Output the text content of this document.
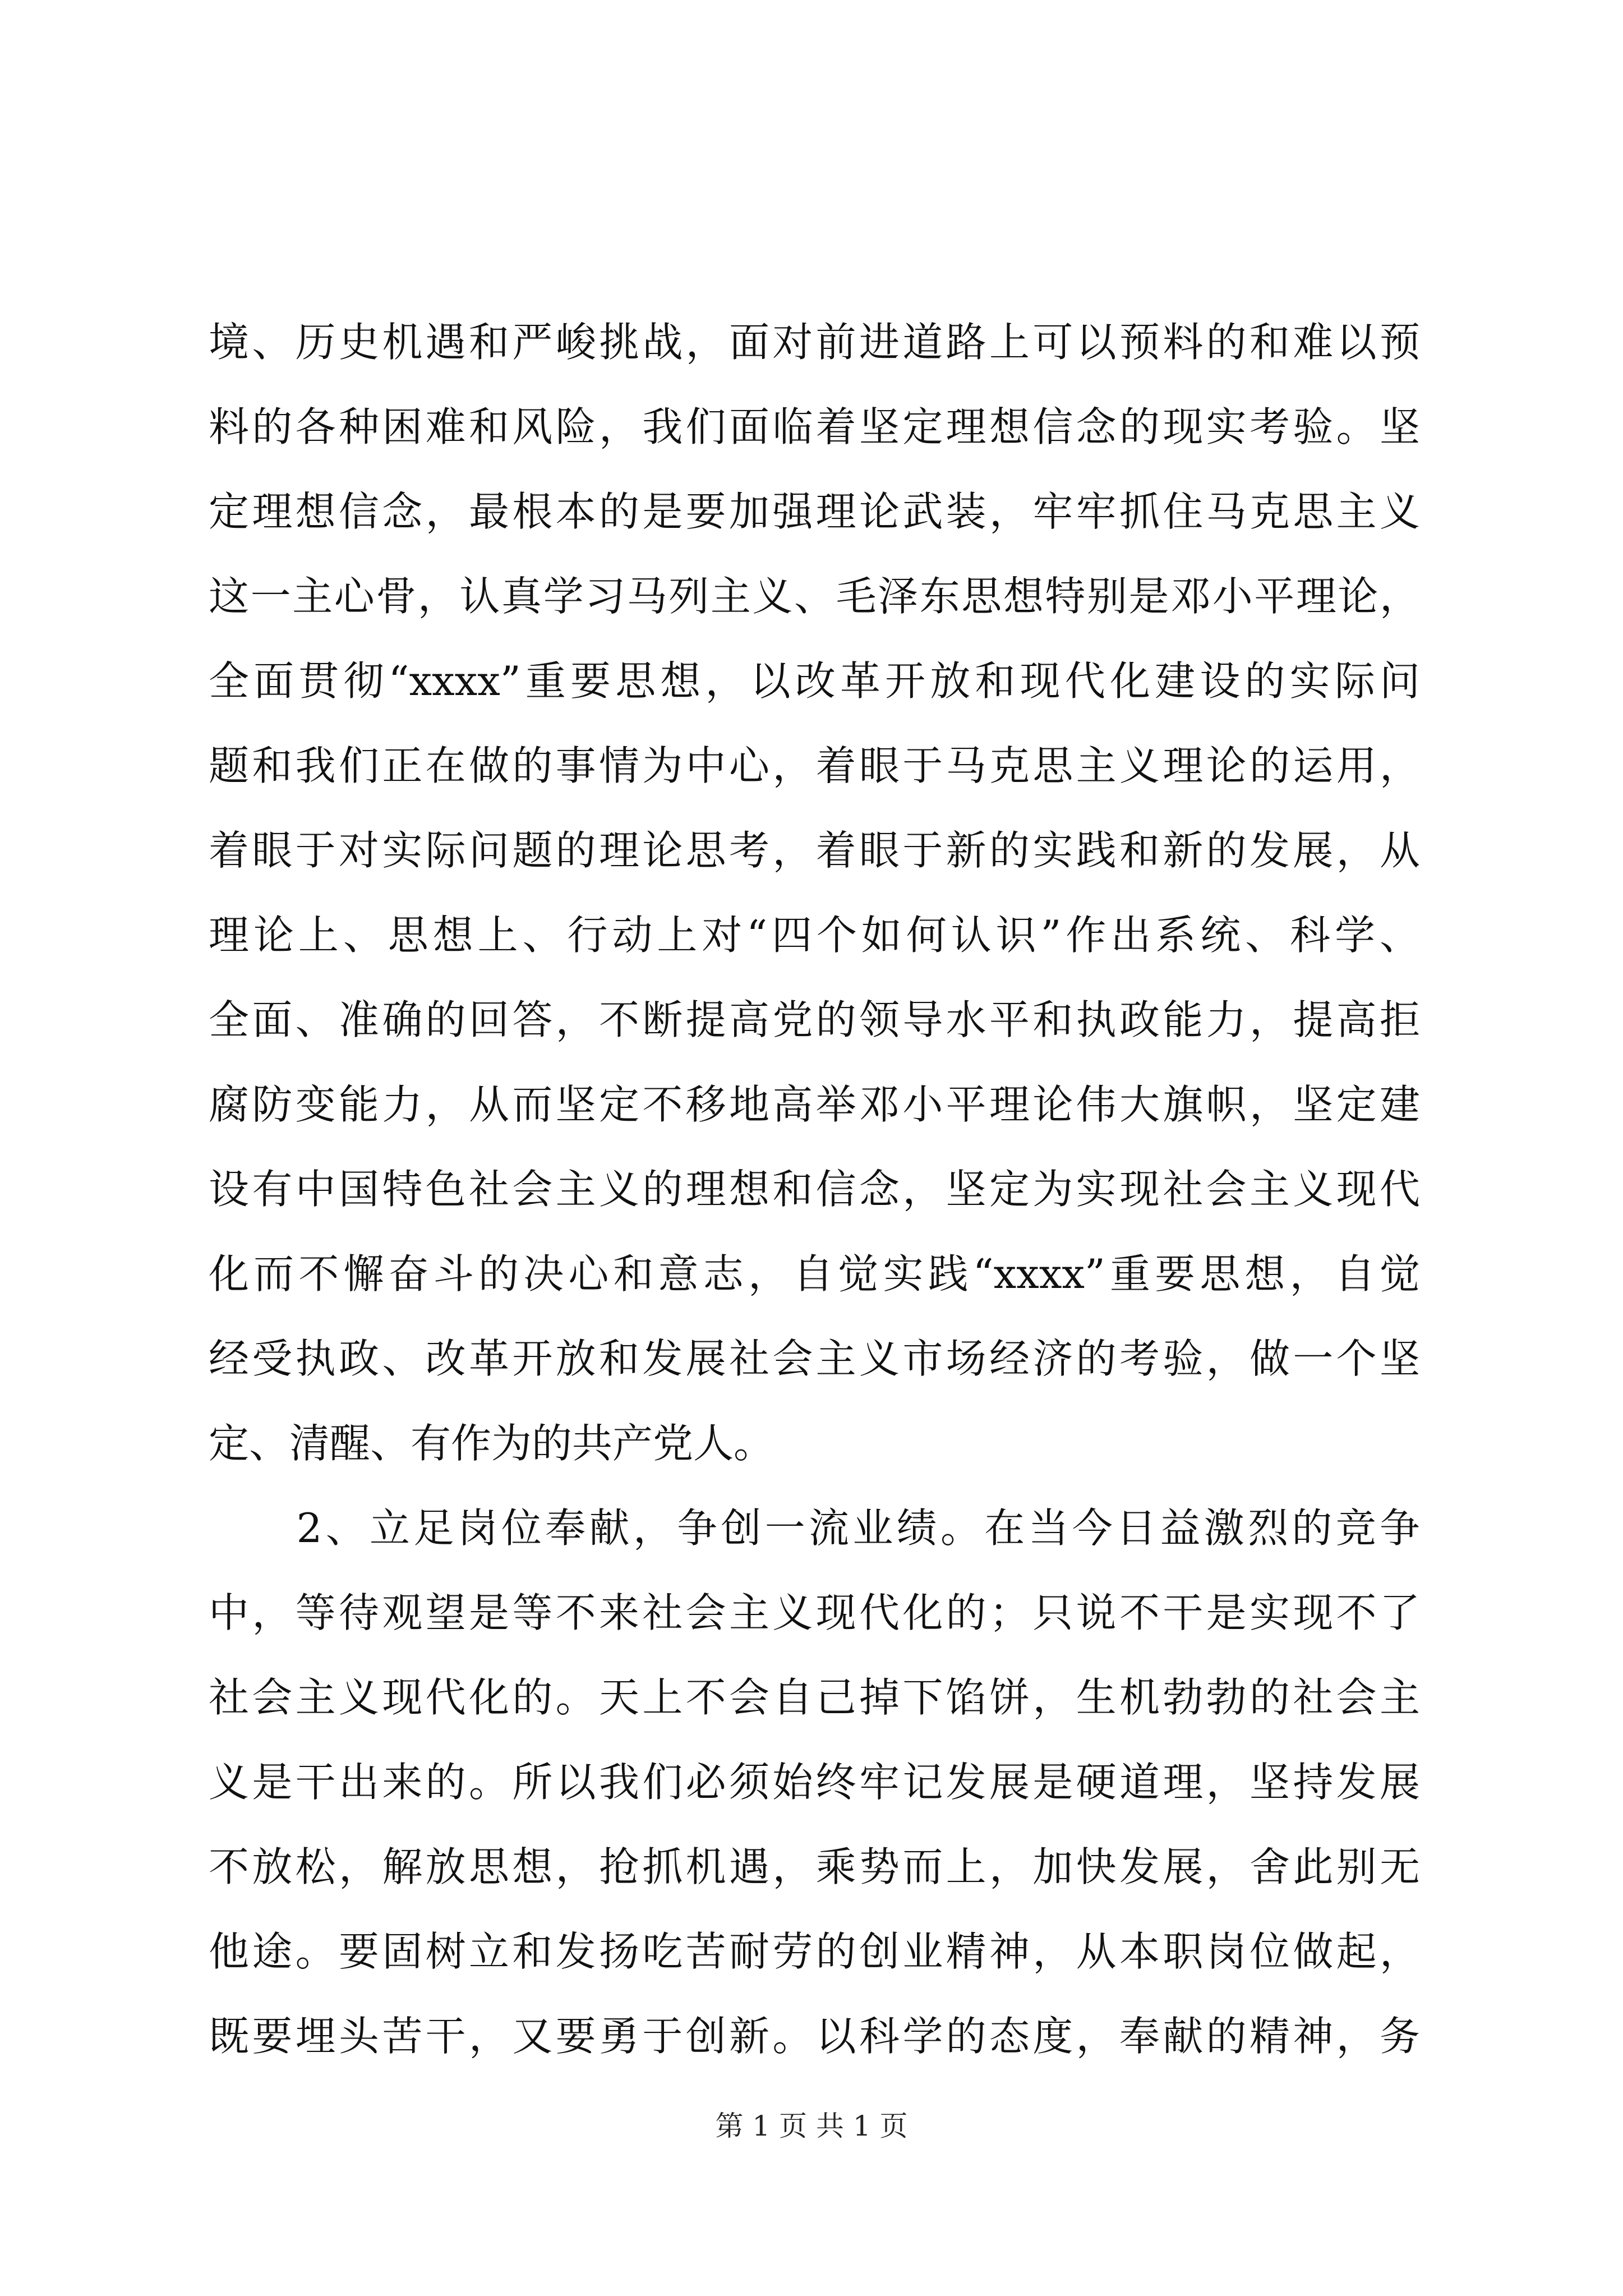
境、历史机遇和严峻挑战，面对前进道路上可以预料的和难以预
料的各种困难和风险，我们面临着坚定理想信念的现实考验。坚
定理想信念，最根本的是要加强理论武装，牢牢抓住马克思主义
这一主心骨，认真学习马列主义、毛泽东思想特别是邓小平理论，
全面贯彻“xxxx”重要思想，以改革开放和现代化建设的实际问
题和我们正在做的事情为中心，着眼于马克思主义理论的运用，
着眼于对实际问题的理论思考，着眼于新的实践和新的发展，从
理论上、思想上、行动上对“四个如何认识”作出系统、科学、
全面、准确的回答，不断提高党的领导水平和执政能力，提高拒
腐防变能力，从而坚定不移地高举邓小平理论伟大旗帜，坚定建
设有中国特色社会主义的理想和信念，坚定为实现社会主义现代
化而不懈奋斗的决心和意志，自觉实践“xxxx”重要思想，自觉
经受执政、改革开放和发展社会主义市场经济的考验，做一个坚
定、清醒、有作为的共产党人。
　　2、立足岗位奉献，争创一流业绩。在当今日益激烈的竞争
中，等待观望是等不来社会主义现代化的；只说不干是实现不了
社会主义现代化的。天上不会自己掉下馅饼，生机勃勃的社会主
义是干出来的。所以我们必须始终牢记发展是硬道理，坚持发展
不放松，解放思想，抢抓机遇，乘势而上，加快发展，舍此别无
他途。要固树立和发扬吃苦耐劳的创业精神，从本职岗位做起，
既要埋头苦干，又要勇于创新。以科学的态度，奉献的精神，务
第 1 页 共 1 页
